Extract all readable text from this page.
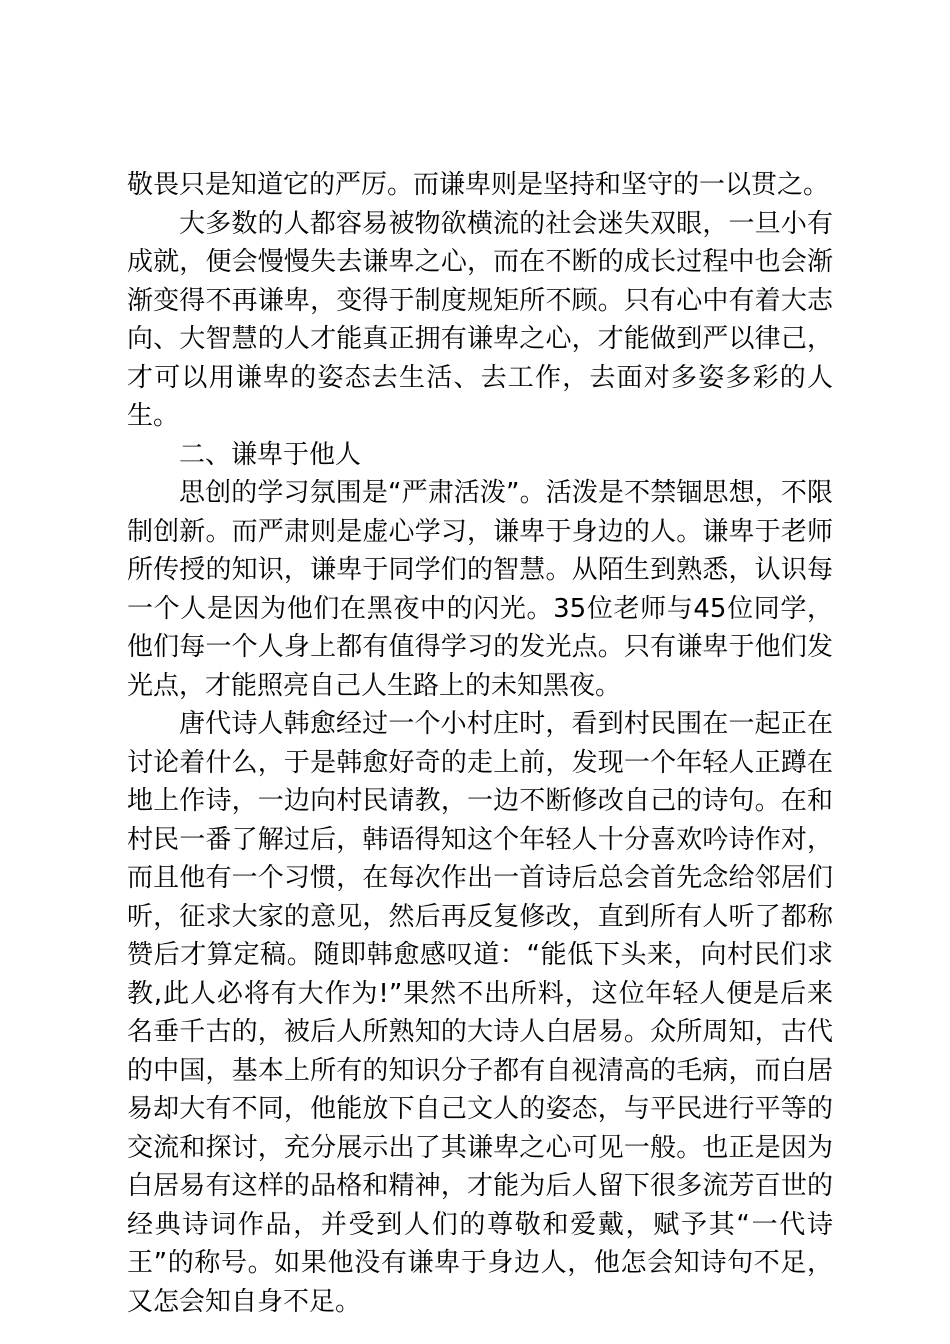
敬畏只是知道它的严厉。而谦卑则是坚持和坚守的一以贯之。

大多数的人都容易被物欲横流的社会迷失双眼，一旦小有成就，便会慢慢失去谦卑之心，而在不断的成长过程中也会渐渐变得不再谦卑，变得于制度规矩所不顾。只有心中有着大志向、大智慧的人才能真正拥有谦卑之心，才能做到严以律己，才可以用谦卑的姿态去生活、去工作，去面对多姿多彩的人生。

二、谦卑于他人

思创的学习氛围是“严肃活泼”。活泼是不禁锢思想，不限制创新。而严肃则是虚心学习，谦卑于身边的人。谦卑于老师所传授的知识，谦卑于同学们的智慧。从陌生到熟悉，认识每一个人是因为他们在黑夜中的闪光。35位老师与45位同学，他们每一个人身上都有值得学习的发光点。只有谦卑于他们发光点，才能照亮自己人生路上的未知黑夜。

唐代诗人韩愈经过一个小村庄时，看到村民围在一起正在讨论着什么，于是韩愈好奇的走上前，发现一个年轻人正蹲在地上作诗，一边向村民请教，一边不断修改自己的诗句。在和村民一番了解过后，韩语得知这个年轻人十分喜欢吟诗作对，而且他有一个习惯，在每次作出一首诗后总会首先念给邻居们听，征求大家的意见，然后再反复修改，直到所有人听了都称赞后才算定稿。随即韩愈感叹道：“能低下头来，向村民们求教,此人必将有大作为!”果然不出所料，这位年轻人便是后来名垂千古的，被后人所熟知的大诗人白居易。众所周知，古代的中国，基本上所有的知识分子都有自视清高的毛病，而白居易却大有不同，他能放下自己文人的姿态，与平民进行平等的交流和探讨，充分展示出了其谦卑之心可见一般。也正是因为白居易有这样的品格和精神，才能为后人留下很多流芳百世的经典诗词作品，并受到人们的尊敬和爱戴，赋予其“一代诗王”的称号。如果他没有谦卑于身边人，他怎会知诗句不足，又怎会知自身不足。
